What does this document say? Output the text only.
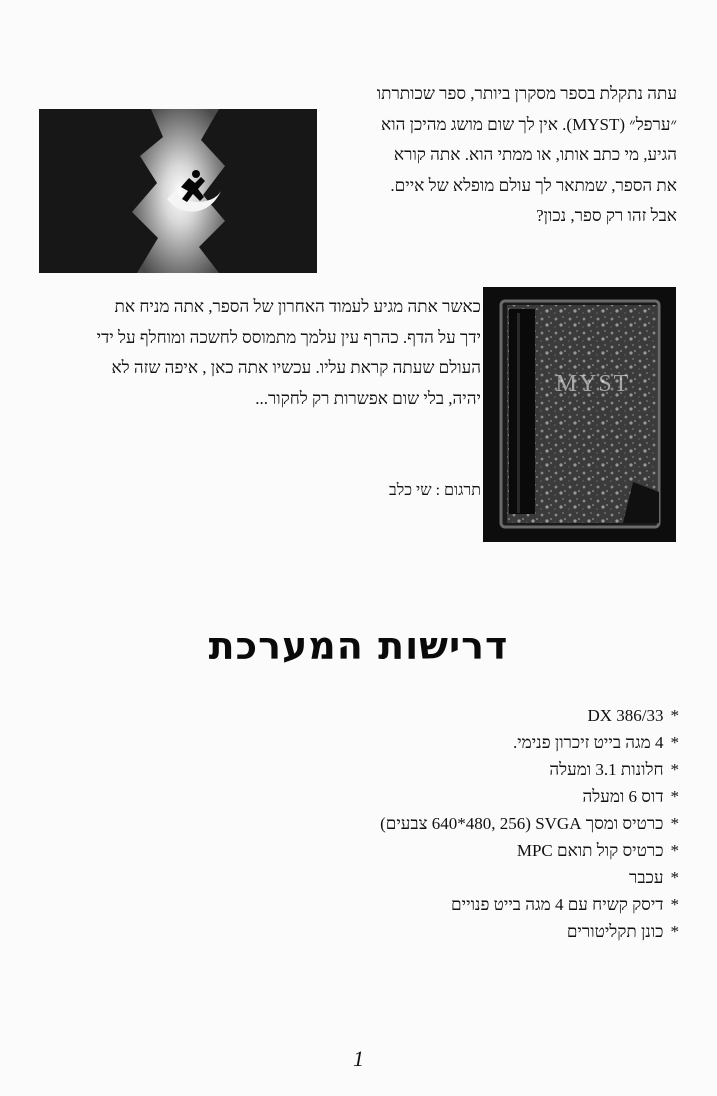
עתה נתקלת בספר מסקרן ביותר, ספר שכותרתו
״ערפל״ (MYST). אין לך שום מושג מהיכן הוא
הגיע, מי כתב אותו, או ממתי הוא. אתה קורא
את הספר, שמתאר לך עולם מופלא של איים.
אבל זהו רק ספר, נכון?
כאשר אתה מגיע לעמוד האחרון של הספר, אתה מניח את
ידך על הדף. כהרף עין עלמך מתמוסס לחשכה ומוחלף על ידי
העולם שעתה קראת עליו. עכשיו אתה כאן , איפה שזה לא
יהיה, בלי שום אפשרות רק לחקור...
תרגום : שי כלב
MYST
דרישות המערכת
*DX 386/33
*4 מגה בייט זיכרון פנימי.
*חלונות 3.1 ומעלה
*דוס 6 ומעלה
*כרטיס ומסך SVGA (640*480, 256 צבעים)
*כרטיס קול תואם MPC
*עכבר
*דיסק קשיח עם 4 מגה בייט פנויים
*כונן תקליטורים
1
